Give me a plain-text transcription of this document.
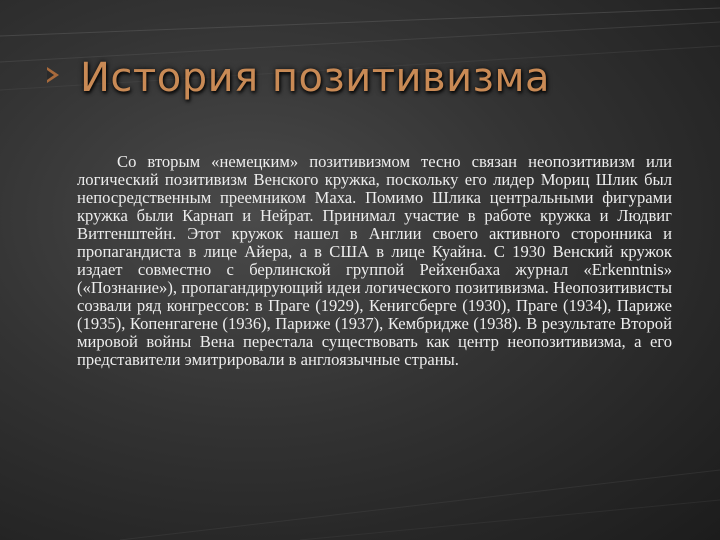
История позитивизма

Со вторым «немецким» позитивизмом тесно связан неопозитивизм или логический позитивизм Венского кружка, поскольку его лидер Мориц Шлик был непосредственным преемником Маха. Помимо Шлика центральными фигурами кружка были Карнап и Нейрат. Принимал участие в работе кружка и Людвиг Витгенштейн. Этот кружок нашел в Англии своего активного сторонника и пропагандиста в лице Айера, а в США в лице Куайна. С 1930 Венский кружок издает совместно с берлинской группой Рейхенбаха журнал «Erkenntnis» («Познание»), пропагандирующий идеи логического позитивизма. Неопозитивисты созвали ряд конгрессов: в Праге (1929), Кенигсберге (1930), Праге (1934), Париже (1935), Копенгагене (1936), Париже (1937), Кембридже (1938). В результате Второй мировой войны Вена перестала существовать как центр неопозитивизма, а его представители эмитрировали в англоязычные страны.
